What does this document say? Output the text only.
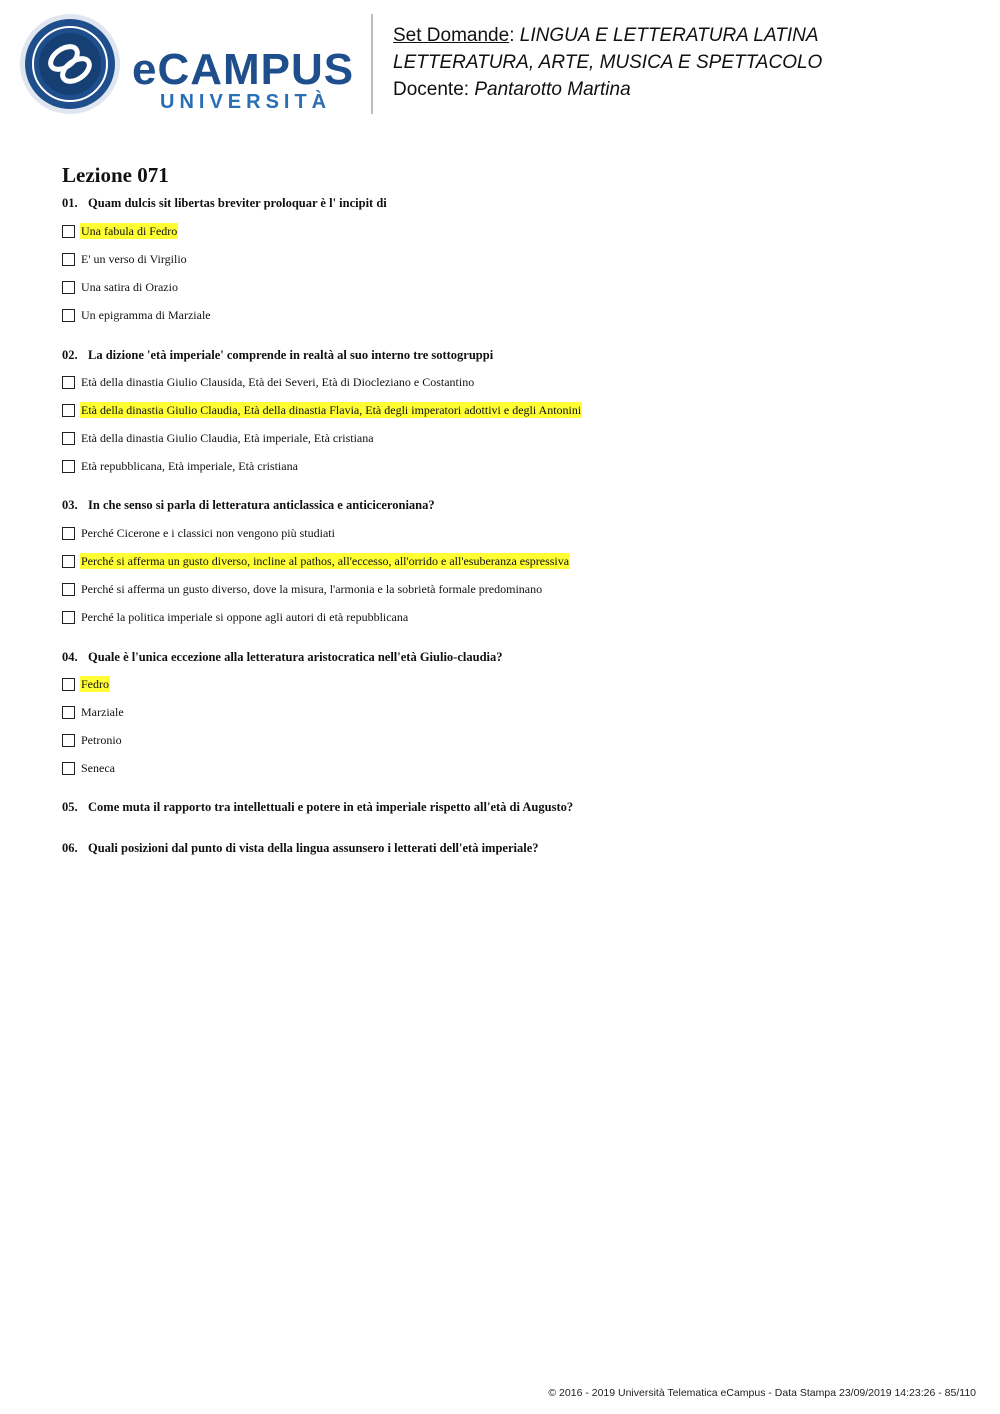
eCAMPUS
UNIVERSITÀ
Set Domande: LINGUA E LETTERATURA LATINA
LETTERATURA, ARTE, MUSICA E SPETTACOLO
Docente: Pantarotto Martina
Lezione 071
01. Quam dulcis sit libertas breviter proloquar è l' incipit di
Una fabula di Fedro
E' un verso di Virgilio
Una satira di Orazio
Un epigramma di Marziale
02. La dizione 'età imperiale' comprende in realtà al suo interno tre sottogruppi
Età della dinastia Giulio Clausida, Età dei Severi, Età di Diocleziano e Costantino
Età della dinastia Giulio Claudia, Età della dinastia Flavia, Età degli imperatori adottivi e degli Antonini
Età della dinastia Giulio Claudia, Età imperiale, Età cristiana
Età repubblicana, Età imperiale, Età cristiana
03. In che senso si parla di letteratura anticlassica e anticiceroniana?
Perché Cicerone e i classici non vengono più studiati
Perché si afferma un gusto diverso, incline al pathos, all'eccesso, all'orrido e all'esuberanza espressiva
Perché si afferma un gusto diverso, dove la misura, l'armonia e la sobrietà formale predominano
Perché la politica imperiale si oppone agli autori di età repubblicana
04. Quale è l'unica eccezione alla letteratura aristocratica nell'età Giulio-claudia?
Fedro
Marziale
Petronio
Seneca
05. Come muta il rapporto tra intellettuali e potere in età imperiale rispetto all'età di Augusto?
06. Quali posizioni dal punto di vista della lingua assunsero i letterati dell'età imperiale?
© 2016 - 2019 Università Telematica eCampus - Data Stampa 23/09/2019 14:23:26 - 85/110
